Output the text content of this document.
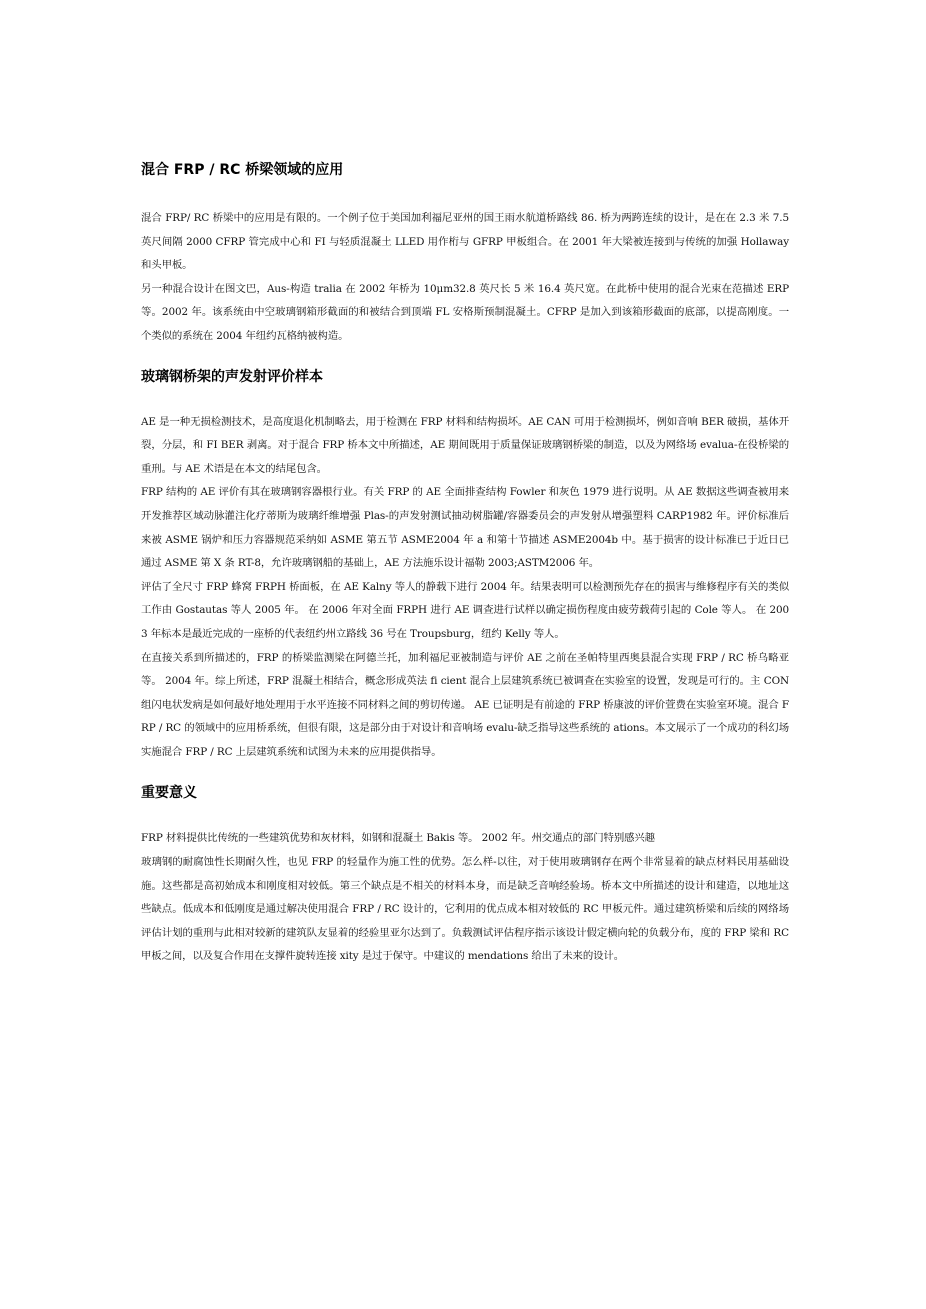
混合 FRP / RC 桥梁领域的应用

混合 FRP/ RC 桥梁中的应用是有限的。一个例子位于美国加利福尼亚州的国王雨水航道桥路线 86. 桥为两跨连续的设计，是在在 2.3 米 7.5 英尺间隔 2000 CFRP 管完成中心和 FI 与轻质混凝土 LLED 用作桁与 GFRP 甲板组合。在 2001 年大梁被连接到与传统的加强 Hollaway 和头甲板。

另一种混合设计在图文巴，Aus-构造 tralia 在 2002 年桥为 10μm32.8 英尺长 5 米 16.4 英尺宽。在此桥中使用的混合光束在范描述 ERP 等。2002 年。该系统由中空玻璃钢箱形截面的和被结合到顶端 FL 安格斯预制混凝土。CFRP 是加入到该箱形截面的底部，以提高刚度。一个类似的系统在 2004 年纽约瓦格纳被构造。

玻璃钢桥架的声发射评价样本

AE 是一种无损检测技术，是高度退化机制略去，用于检测在 FRP 材料和结构损坏。AE CAN 可用于检测损坏，例如音响 BER 破损，基体开裂，分层，和 FI BER 剥离。对于混合 FRP 桥本文中所描述，AE 期间既用于质量保证玻璃钢桥梁的制造，以及为网络场 evalua-在役桥梁的重刑。与 AE 术语是在本文的结尾包含。

FRP 结构的 AE 评价有其在玻璃钢容器根行业。有关 FRP 的 AE 全面排查结构 Fowler 和灰色 1979 进行说明。从 AE 数据这些调查被用来开发推荐区域动脉灌注化疗蒂斯为玻璃纤维增强 Plas-的声发射测试抽动树脂罐/容器委员会的声发射从增强塑料 CARP1982 年。评价标准后来被 ASME 锅炉和压力容器规范采纳如 ASME 第五节 ASME2004 年 a 和第十节描述 ASME2004b 中。基于损害的设计标准已于近日已通过 ASME 第 X 条 RT-8，允许玻璃钢船的基础上，AE 方法施乐设计福勒 2003;ASTM2006 年。

评估了全尺寸 FRP 蜂窝 FRPH 桥面板，在 AE Kalny 等人的静载下进行 2004 年。结果表明可以检测预先存在的损害与维修程序有关的类似工作由 Gostautas 等人 2005 年。 在 2006 年对全面 FRPH 进行 AE 调查进行试样以确定损伤程度由疲劳载荷引起的 Cole 等人。 在 2003 年标本是最近完成的一座桥的代表纽约州立路线 36 号在 Troupsburg，纽约 Kelly 等人。

在直接关系到所描述的，FRP 的桥梁监测梁在阿德兰托，加利福尼亚被制造与评价 AE 之前在圣帕特里西奥县混合实现 FRP / RC 桥乌略亚等。 2004 年。综上所述，FRP 混凝土相结合，概念形成英法 fi cient 混合上层建筑系统已被调查在实验室的设置，发现是可行的。主 CON 组闪电状发病是如何最好地处理用于水平连接不同材料之间的剪切传递。 AE 已证明是有前途的 FRP 桥康波的评价萱费在实验室环境。混合 FRP / RC 的领域中的应用桥系统，但很有限，这是部分由于对设计和音响场 evalu-缺乏指导这些系统的 ations。本文展示了一个成功的科幻场实施混合 FRP / RC 上层建筑系统和试图为未来的应用提供指导。

重要意义

FRP 材料提供比传统的一些建筑优势和灰材料，如钢和混凝土 Bakis 等。 2002 年。州交通点的部门特别感兴趣

玻璃钢的耐腐蚀性长期耐久性，也见 FRP 的轻量作为施工性的优势。怎么样-以往，对于使用玻璃钢存在两个非常显着的缺点材料民用基础设施。这些都是高初始成本和刚度相对较低。第三个缺点是不相关的材料本身，而是缺乏音响经验场。桥本文中所描述的设计和建造，以地址这些缺点。低成本和低刚度是通过解决使用混合 FRP / RC 设计的，它利用的优点成本相对较低的 RC 甲板元件。通过建筑桥梁和后续的网络场评估计划的重刑与此相对较新的建筑队友显着的经验里亚尔达到了。负载测试评估程序指示该设计假定横向轮的负载分布，度的 FRP 梁和 RC 甲板之间，以及复合作用在支撑件旋转连接 xity 是过于保守。中建议的 mendations 给出了未来的设计。
